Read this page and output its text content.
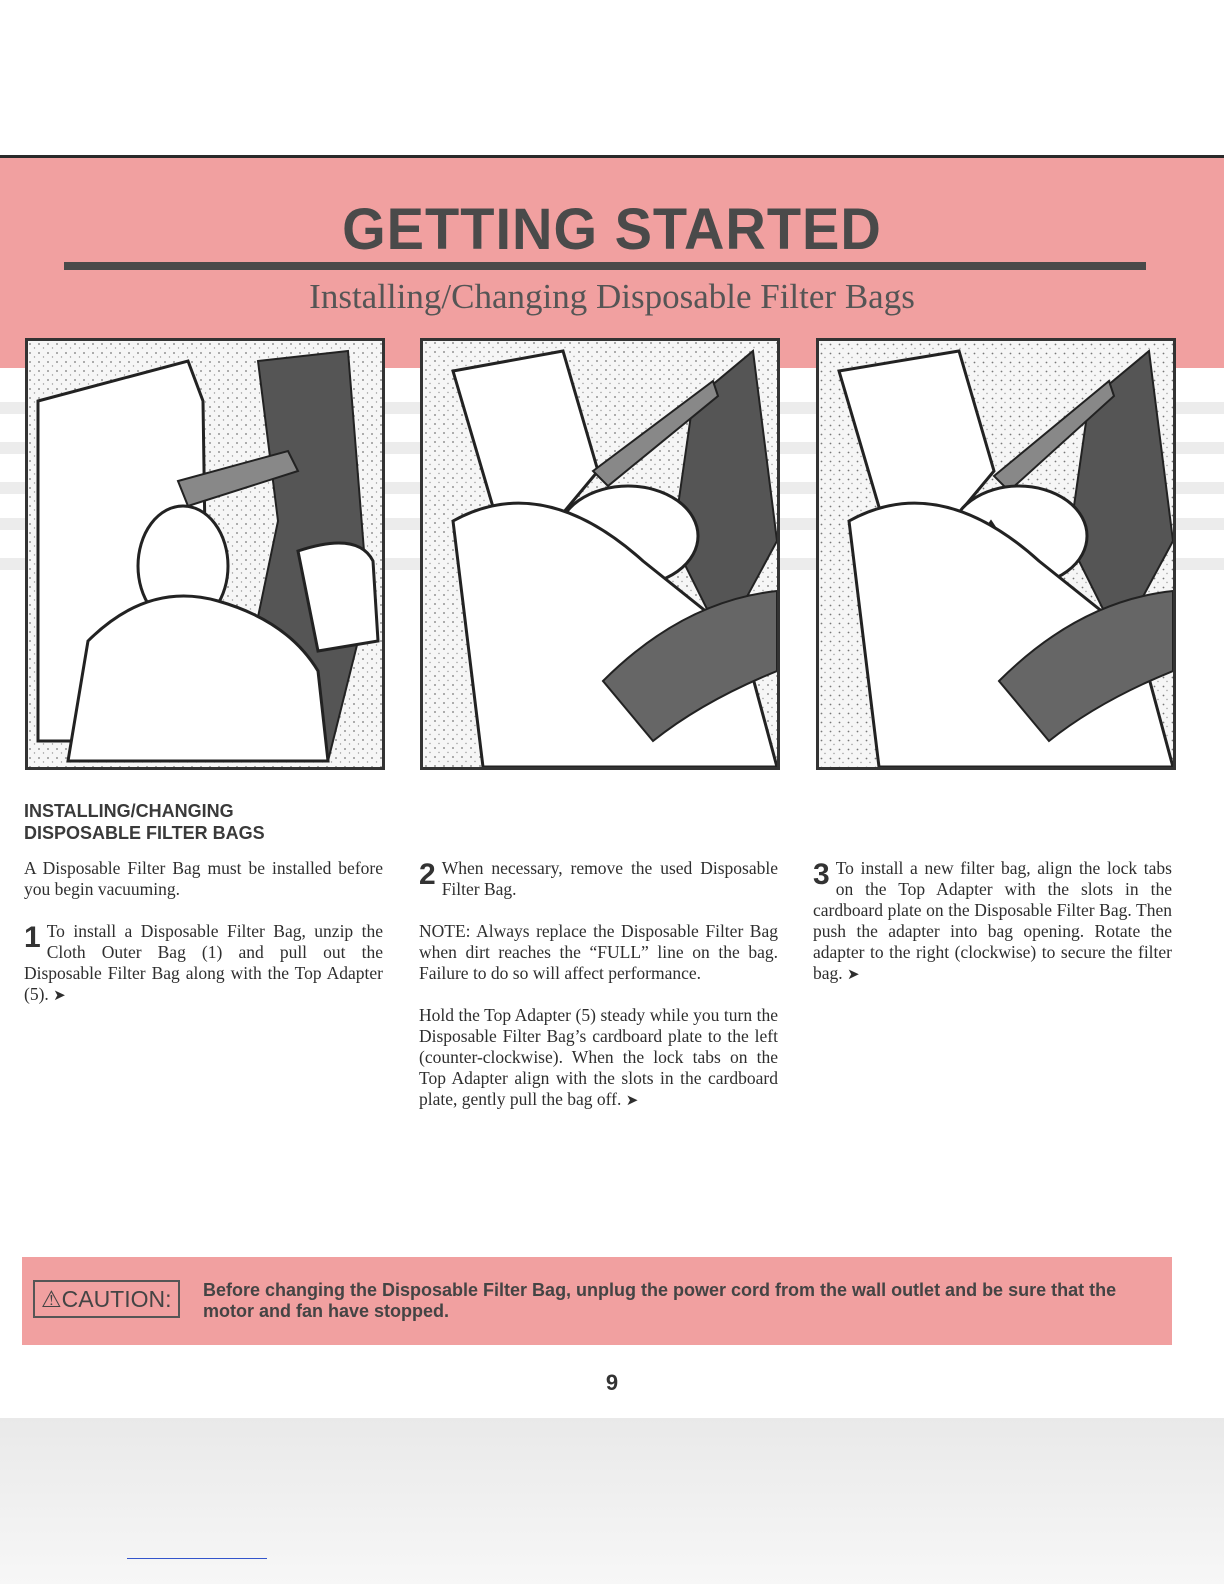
GETTING STARTED
Installing/Changing Disposable Filter Bags
INSTALLING/CHANGING
DISPOSABLE FILTER BAGS

A Disposable Filter Bag must be installed before you begin vacuuming.

1 To install a Disposable Filter Bag, unzip the Cloth Outer Bag (1) and pull out the Disposable Filter Bag along with the Top Adapter (5). ➤

2 When necessary, remove the used Disposable Filter Bag.

NOTE: Always replace the Disposable Filter Bag when dirt reaches the “FULL” line on the bag. Failure to do so will affect performance.

Hold the Top Adapter (5) steady while you turn the Disposable Filter Bag’s cardboard plate to the left (counter-clockwise). When the lock tabs on the Top Adapter align with the slots in the cardboard plate, gently pull the bag off. ➤

3 To install a new filter bag, align the lock tabs on the Top Adapter with the slots in the cardboard plate on the Disposable Filter Bag. Then push the adapter into bag opening. Rotate the adapter to the right (clockwise) to secure the filter bag. ➤

⚠CAUTION:	Before changing the Disposable Filter Bag, unplug the power cord from the wall outlet and be sure that the motor and fan have stopped.
9
